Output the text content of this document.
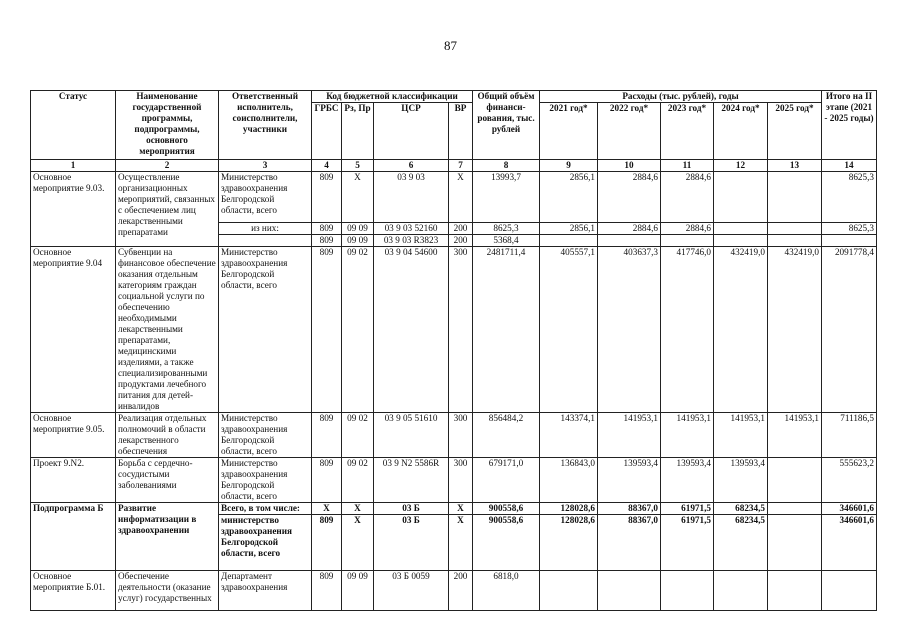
87
Статус	Наименование государственной программы, подпрограммы, основного мероприятия	Ответственный исполнитель, соисполнители, участники	Код бюджетной классификации				Общий объём финанси-рования, тыс. рублей	Расходы (тыс. рублей), годы					Итого на II этапе (2021 - 2025 годы)
			ГРБС	Рз, Пр	ЦСР	ВР		2021 год*	2022 год*	2023 год*	2024 год*	2025 год*	
1	2	3	4	5	6	7	8	9	10	11	12	13	14
Основное мероприятие 9.03.	Осуществление организационных мероприятий, связанных с обеспечением лиц лекарственными препаратами	Министерство здравоохранения Белгородской области, всего	809	Х	03 9 03	Х	13993,7	2856,1	2884,6	2884,6			8625,3
		из них:	809	09 09	03 9 03 52160	200	8625,3	2856,1	2884,6	2884,6			8625,3
			809	09 09	03 9 03 R3823	200	5368,4						
Основное мероприятие 9.04	Субвенции на финансовое обеспечение оказания отдельным категориям граждан социальной услуги по обеспечению необходимыми лекарственными препаратами, медицинскими изделиями, а также специализированными продуктами лечебного питания для детей-инвалидов	Министерство здравоохранения Белгородской области, всего	809	09 02	03 9 04 54600	300	2481711,4	405557,1	403637,3	417746,0	432419,0	432419,0	2091778,4
Основное мероприятие 9.05.	Реализация отдельных полномочий в области лекарственного обеспечения	Министерство здравоохранения Белгородской области, всего	809	09 02	03 9 05 51610	300	856484,2	143374,1	141953,1	141953,1	141953,1	141953,1	711186,5
Проект 9.N2.	Борьба с сердечно-сосудистыми заболеваниями	Министерство здравоохранения Белгородской области, всего	809	09 02	03 9 N2 5586R	300	679171,0	136843,0	139593,4	139593,4	139593,4		555623,2
Подпрограмма Б	Развитие информатизации в здравоохранении	Всего, в том числе:	Х	Х	03 Б	Х	900558,6	128028,6	88367,0	61971,5	68234,5		346601,6
		министерство здравоохранения Белгородской области, всего	809	Х	03 Б	Х	900558,6	128028,6	88367,0	61971,5	68234,5		346601,6
Основное мероприятие Б.01.	Обеспечение деятельности (оказание услуг) государственных	Департамент здравоохранения	809	09 09	03 Б 0059	200	6818,0						
